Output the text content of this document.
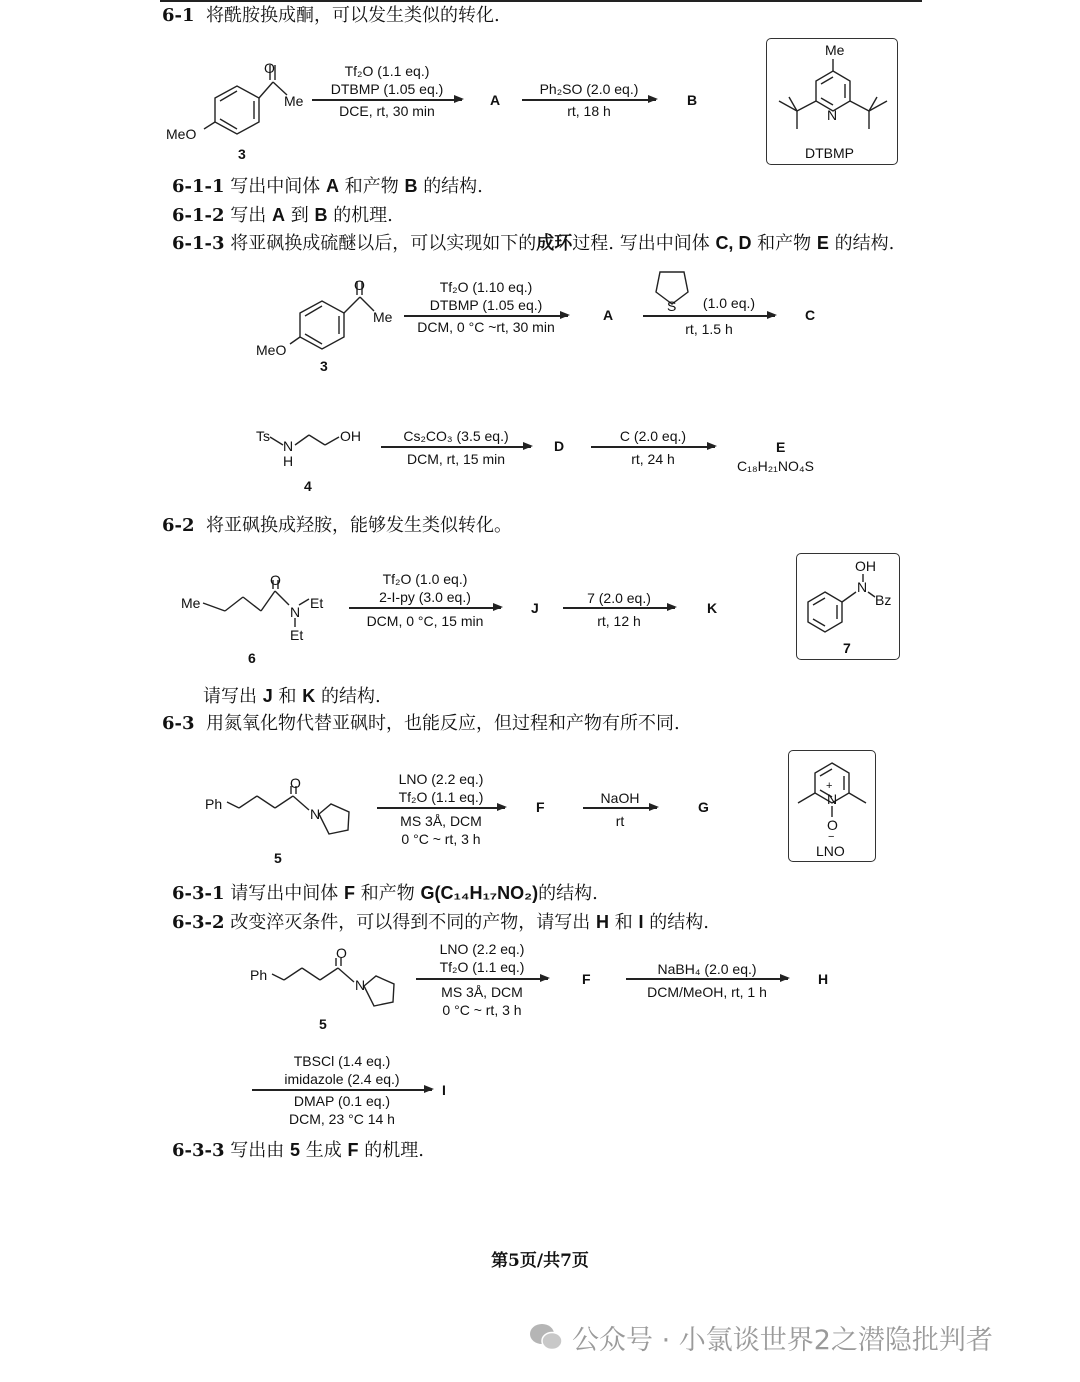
6-1 将酰胺换成酮，可以发生类似的转化.
O
Me
MeO
3
Tf₂O (1.1 eq.)
DTBMP (1.05 eq.)
DCE, rt, 30 min
A
Ph₂SO (2.0 eq.)
rt, 18 h
B
Me
N
DTBMP
6-1-1 写出中间体 A 和产物 B 的结构.
6-1-2 写出 A 到 B 的机理.
6-1-3 将亚砜换成硫醚以后，可以实现如下的成环过程. 写出中间体 C, D 和产物 E 的结构.
O
Me
MeO
3
Tf₂O (1.10 eq.)
DTBMP (1.05 eq.)
DCM, 0 °C ~rt, 30 min
A
S	(1.0 eq.)
rt, 1.5 h
C
Ts
N
H
OH
4
Cs₂CO₃ (3.5 eq.)
DCM, rt, 15 min
D
C (2.0 eq.)
rt, 24 h
E
C₁₈H₂₁NO₄S
6-2 将亚砜换成羟胺，能够发生类似转化。
Me
O
N
Et
Et
6
Tf₂O (1.0 eq.)
2-I-py (3.0 eq.)
DCM, 0 °C, 15 min
J
7 (2.0 eq.)
rt, 12 h
K
OH
N
Bz
7
请写出 J 和 K 的结构.
6-3 用氮氧化物代替亚砜时，也能反应，但过程和产物有所不同.
Ph
O
N
5
LNO (2.2 eq.)
Tf₂O (1.1 eq.)
MS 3Å, DCM
0 °C ~ rt, 3 h
F
NaOH
rt
G
+
N
O
−
LNO
6-3-1 请写出中间体 F 和产物 G(C₁₄H₁₇NO₂)的结构.
6-3-2 改变淬灭条件，可以得到不同的产物，请写出 H 和 I 的结构.
Ph
O
N
5
LNO (2.2 eq.)
Tf₂O (1.1 eq.)
MS 3Å, DCM
0 °C ~ rt, 3 h
F
NaBH₄ (2.0 eq.)
DCM/MeOH, rt, 1 h
H
TBSCl (1.4 eq.)
imidazole (2.4 eq.)
DMAP (0.1 eq.)
DCM, 23 °C 14 h
I
6-3-3 写出由 5 生成 F 的机理.
第5页/共7页
公众号 · 小氯谈世界2之潜隐批判者
